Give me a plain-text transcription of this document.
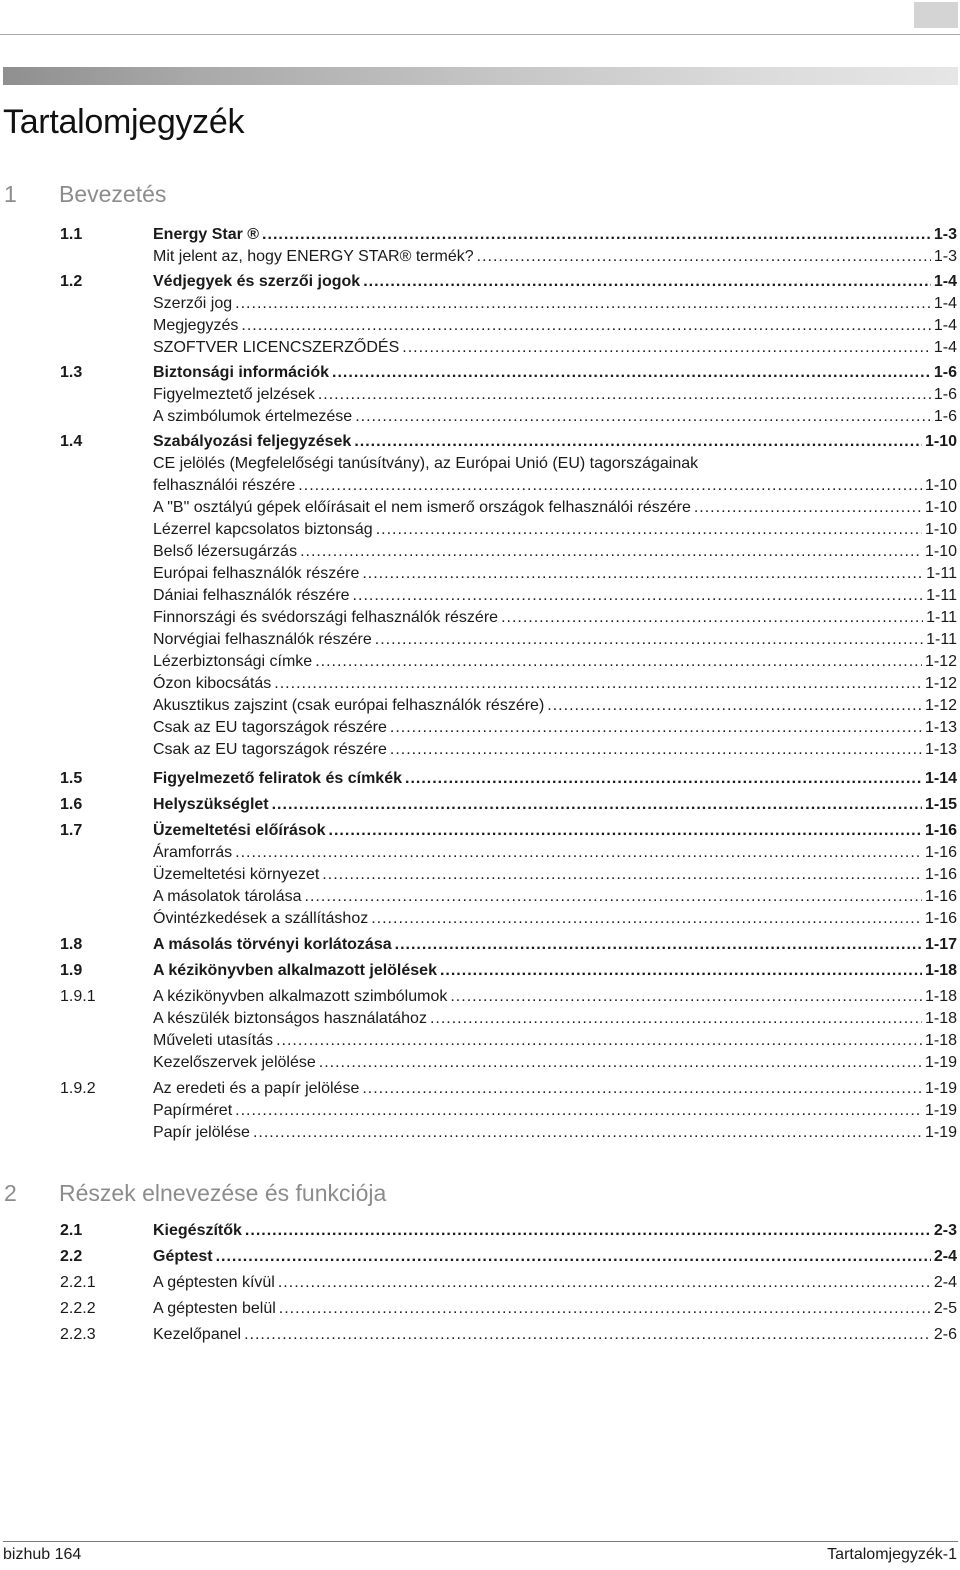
Tartalomjegyzék
1 Bevezetés
1.1	Energy Star ® .....	1-3
Mit jelent az, hogy ENERGY STAR® termék? .....	1-3
1.2	Védjegyek és szerzői jogok .....	1-4
Szerzői jog .....	1-4
Megjegyzés .....	1-4
SZOFTVER LICENCSZERZŐDÉS .....	1-4
1.3	Biztonsági információk .....	1-6
Figyelmeztető jelzések .....	1-6
A szimbólumok értelmezése .....	1-6
1.4	Szabályozási feljegyzések .....	1-10
CE jelölés (Megfelelőségi tanúsítvány), az Európai Unió (EU) tagországainak
felhasználói részére .....	1-10
A "B" osztályú gépek előírásait el nem ismerő országok felhasználói részére .....	1-10
Lézerrel kapcsolatos biztonság .....	1-10
Belső lézersugárzás .....	1-10
Európai felhasználók részére .....	1-11
Dániai felhasználók részére .....	1-11
Finnországi és svédországi felhasználók részére .....	1-11
Norvégiai felhasználók részére .....	1-11
Lézerbiztonsági címke .....	1-12
Ózon kibocsátás .....	1-12
Akusztikus zajszint (csak európai felhasználók részére) .....	1-12
Csak az EU tagországok részére .....	1-13
Csak az EU tagországok részére .....	1-13
1.5	Figyelmezető feliratok és címkék .....	1-14
1.6	Helyszükséglet .....	1-15
1.7	Üzemeltetési előírások .....	1-16
Áramforrás .....	1-16
Üzemeltetési környezet .....	1-16
A másolatok tárolása .....	1-16
Óvintézkedések a szállításhoz .....	1-16
1.8	A másolás törvényi korlátozása .....	1-17
1.9	A kézikönyvben alkalmazott jelölések .....	1-18
1.9.1	A kézikönyvben alkalmazott szimbólumok .....	1-18
A készülék biztonságos használatához .....	1-18
Műveleti utasítás .....	1-18
Kezelőszervek jelölése .....	1-19
1.9.2	Az eredeti és a papír jelölése .....	1-19
Papírméret .....	1-19
Papír jelölése .....	1-19
2 Részek elnevezése és funkciója
2.1	Kiegészítők .....	2-3
2.2	Géptest .....	2-4
2.2.1	A géptesten kívül .....	2-4
2.2.2	A géptesten belül .....	2-5
2.2.3	Kezelőpanel .....	2-6
bizhub 164	Tartalomjegyzék-1
